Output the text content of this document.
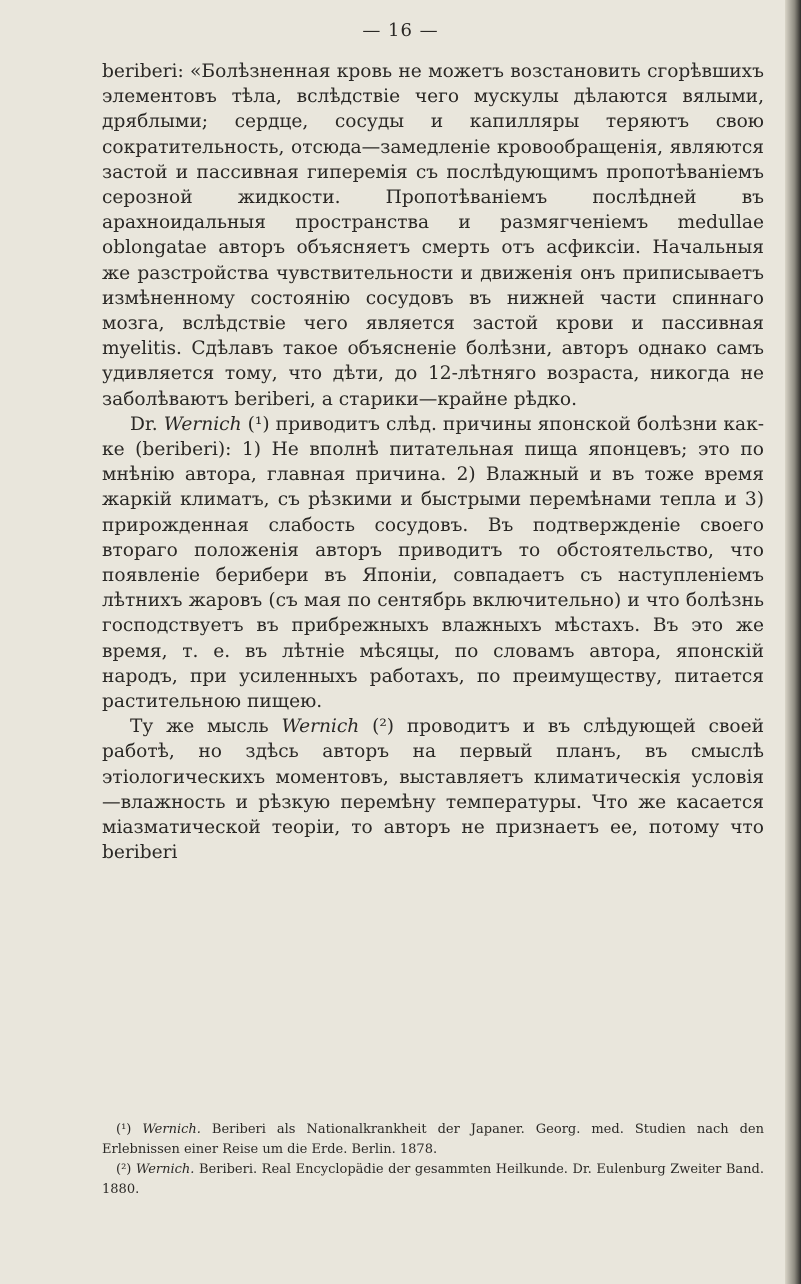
— 16 —

beriberi: «Болѣзненная кровь не можетъ возстановить сгорѣвшихъ элементовъ тѣла, вслѣдствіе чего мускулы дѣлаются вялыми, дряблыми; сердце, сосуды и капилляры теряютъ свою сократительность, отсюда—замедленіе кровообращенія, являются застой и пассивная гиперемія съ послѣдующимъ пропотѣваніемъ серозной жидкости. Пропотѣваніемъ послѣдней въ арахноидальныя пространства и размягченіемъ medullae oblongatae авторъ объясняетъ смерть отъ асфиксіи. Начальныя же разстройства чувствительности и движенія онъ приписываетъ измѣненному состоянію сосудовъ въ нижней части спиннаго мозга, вслѣдствіе чего является застой крови и пассивная myelitis. Сдѣлавъ такое объясненіе болѣзни, авторъ однако самъ удивляется тому, что дѣти, до 12-лѣтняго возраста, никогда не заболѣваютъ beriberi, а старики—крайне рѣдко.

Dr. Wernich (¹) приводитъ слѣд. причины японской болѣзни как-ке (beriberi): 1) Не вполнѣ питательная пища японцевъ; это по мнѣнію автора, главная причина. 2) Влажный и въ тоже время жаркій климатъ, съ рѣзкими и быстрыми перемѣнами тепла и 3) прирожденная слабость сосудовъ. Въ подтвержденіе своего втораго положенія авторъ приводитъ то обстоятельство, что появленіе берибери въ Японіи, совпадаетъ съ наступленіемъ лѣтнихъ жаровъ (съ мая по сентябрь включительно) и что болѣзнь господствуетъ въ прибрежныхъ влажныхъ мѣстахъ. Въ это же время, т. е. въ лѣтніе мѣсяцы, по словамъ автора, японскій народъ, при усиленныхъ работахъ, по преимуществу, питается растительною пищею.

Ту же мысль Wernich (²) проводитъ и въ слѣдующей своей работѣ, но здѣсь авторъ на первый планъ, въ смыслѣ этіологическихъ моментовъ, выставляетъ климатическія условія—влажность и рѣзкую перемѣну температуры. Что же касается міазматической теоріи, то авторъ не признаетъ ее, потому что beriberi

(¹) Wernich. Beriberi als Nationalkrankheit der Japaner. Georg. med. Studien nach den Erlebnissen einer Reise um die Erde. Berlin. 1878.

(²) Wernich. Beriberi. Real Encyclopädie der gesammten Heilkunde. Dr. Eulenburg Zweiter Band. 1880.
